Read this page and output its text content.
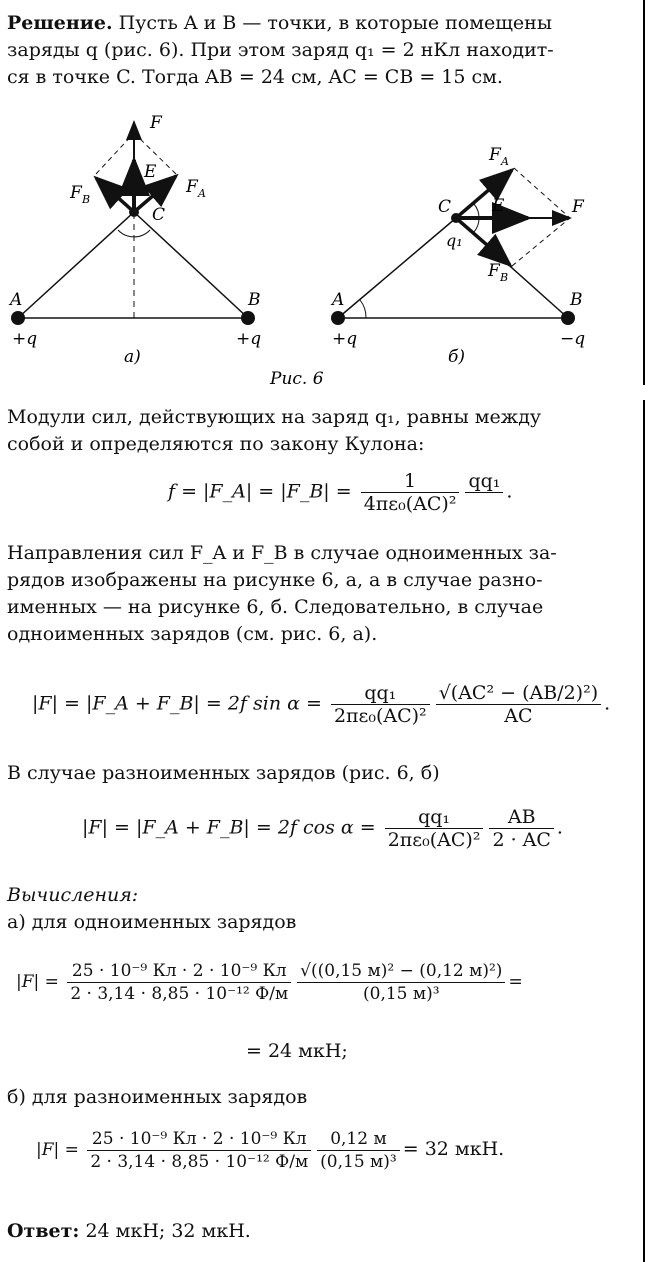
Решение. Пусть A и B — точки, в которые помещены
заряды q (рис. 6). При этом заряд q₁ = 2 нКл находит-
ся в точке C. Тогда AB = 24 см, AC = CB = 15 см.
F
E
F B
F A
C
A	B
+q	+q
а)
F A
E	F
F B
C
q₁
A	B
+q	−q
б)
Рис. 6
Модули сил, действующих на заряд q₁, равны между
собой и определяются по закону Кулона:
f = |F_A| = |F_B| = $\frac{1}{\text{4πε₀(AC)²}} qq_1$ .
Направления сил F_A и F_B в случае одноименных за-
рядов изображены на рисунке 6, а, а в случае разно-
именных — на рисунке 6, б. Следовательно, в случае
одноименных зарядов (см. рис. 6, а).
|F| = |F_A + F_B| = 2f $\sin \alpha = \frac{\text{qq₁}}{\text{2πε₀(AC)²}} \frac{\text{√(AC² − (AB/2)²)}}{AC}$ .
В случае разноименных зарядов (рис. 6, б)
|F| = |F_A + F_B| = 2f $\cos \alpha = \frac{\text{qq₁}}{\text{2πε₀(AC)²}} \frac{AB}{2 \cdot AC}$ .
Вычисления:
а) для одноименных зарядов
$|F| = \frac{\text{25 · 10⁻⁹ Кл · 2 · 10⁻⁹ Кл}}{\text{2 · 3,14 · 8,85 · 10⁻¹² Ф/м}} \frac{\text{√((0,15 м)² − (0,12 м)²)}}{\text{(0,15 м)³}}$ =
= 24 мкН;
б) для разноименных зарядов
$|F| = \frac{\text{25 · 10⁻⁹ Кл · 2 · 10⁻⁹ Кл}}{\text{2 · 3,14 · 8,85 · 10⁻¹² Ф/м}} \frac{0,12 м}{\text{(0,15 м)³}} = 32$ мкН.
Ответ: 24 мкН; 32 мкН.
